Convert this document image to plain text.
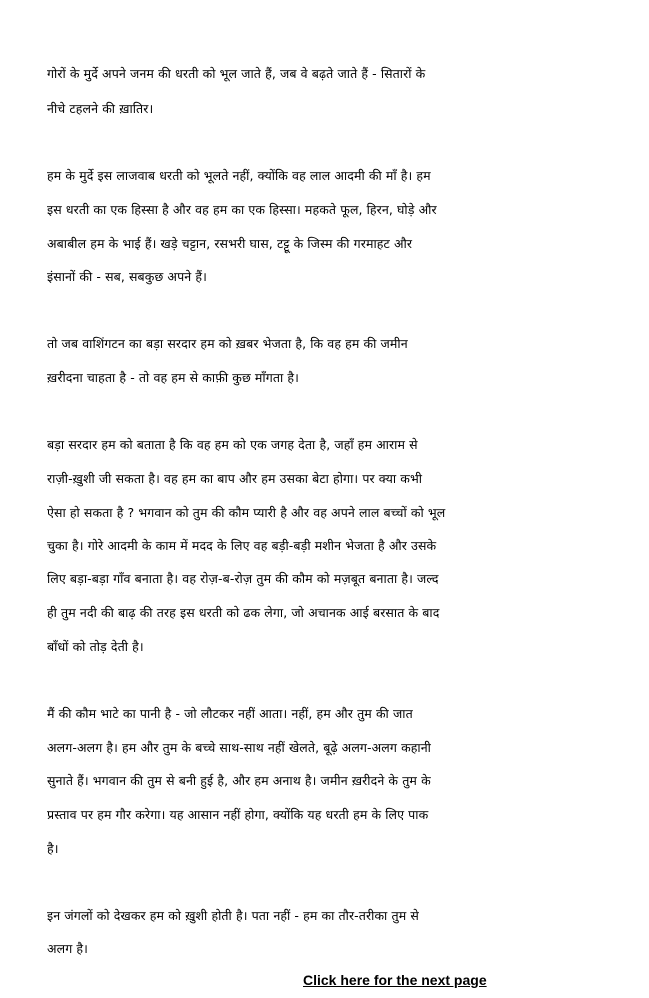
गोरों के मुर्दे अपने जनम की धरती को भूल जाते हैं, जब वे बढ़ते जाते हैं - सितारों के
नीचे टहलने की ख़ातिर।
हम के मुर्दे इस लाजवाब धरती को भूलते नहीं, क्योंकि वह लाल आदमी की माँ है। हम
इस धरती का एक हिस्सा है और वह हम का एक हिस्सा। महकते फूल, हिरन, घोड़े और
अबाबील हम के भाई हैं। खड़े चट्टान, रसभरी घास, टट्टू के जिस्म की गरमाहट और
इंसानों की - सब, सबकुछ अपने हैं।
तो जब वाशिंगटन का बड़ा सरदार हम को ख़बर भेजता है, कि वह हम की जमीन
ख़रीदना चाहता है - तो वह हम से काफ़ी कुछ माँगता है।
बड़ा सरदार हम को बताता है कि वह हम को एक जगह देता है, जहाँ हम आराम से
राज़ी-ख़ुशी जी सकता है। वह हम का बाप और हम उसका बेटा होगा। पर क्या कभी
ऐसा हो सकता है ? भगवान को तुम की कौम प्यारी है और वह अपने लाल बच्चों को भूल
चुका है। गोरे आदमी के काम में मदद के लिए वह बड़ी-बड़ी मशीन भेजता है और उसके
लिए बड़ा-बड़ा गाँव बनाता है। वह रोज़-ब-रोज़ तुम की कौम को मज़बूत बनाता है। जल्द
ही तुम नदी की बाढ़ की तरह इस धरती को ढक लेगा, जो अचानक आई बरसात के बाद
बाँधों को तोड़ देती है।
मैं की कौम भाटे का पानी है - जो लौटकर नहीं आता। नहीं, हम और तुम की जात
अलग-अलग है। हम और तुम के बच्चे साथ-साथ नहीं खेलते, बूढ़े अलग-अलग कहानी
सुनाते हैं। भगवान की तुम से बनी हुई है, और हम अनाथ है। जमीन ख़रीदने के तुम के
प्रस्ताव पर हम गौर करेगा। यह आसान नहीं होगा, क्योंकि यह धरती हम के लिए पाक
है।
इन जंगलों को देखकर हम को ख़ुशी होती है। पता नहीं - हम का तौर-तरीका तुम से
अलग है।
Click here for the next page
